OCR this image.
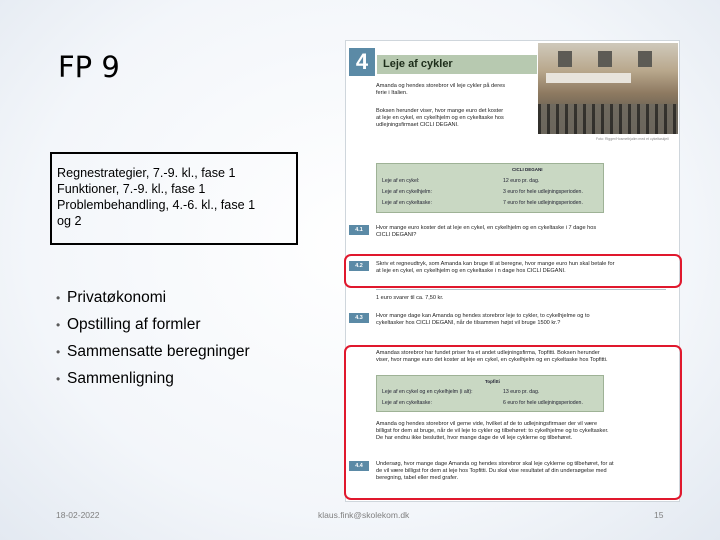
FP 9
Regnestrategier, 7.-9. kl., fase 1
Funktioner, 7.-9. kl., fase 1
Problembehandling, 4.-6. kl., fase 1
og 2
• Privatøkonomi
• Opstilling af formler
• Sammensatte beregninger
• Sammenligning
4	Leje af cykler
Foto: Rigger/Hosmethjalim med et cykeltaskjell
Amanda og hendes storebror vil leje cykler på deres
ferie i Italien.
Boksen herunder viser, hvor mange euro det koster
at leje en cykel, en cykelhjelm og en cykeltaske hos
udlejningsfirmaet CICLI DEGANI.
CICLI DEGANI
Leje af en cykel:	12 euro pr. dag.
Leje af en cykelhjelm:	3 euro for hele udlejningsperioden.
Leje af en cykeltaske:	7 euro for hele udlejningsperioden.
4.1	Hvor mange euro koster det at leje en cykel, en cykelhjelm og en cykeltaske i 7 dage hos
CICLI DEGANI?
4.2	Skriv et regneudtryk, som Amanda kan bruge til at beregne, hvor mange euro hun skal betale for
at leje en cykel, en cykelhjelm og en cykeltaske i n dage hos CICLI DEGANI.
1 euro svarer til ca. 7,50 kr.
4.3	Hvor mange dage kan Amanda og hendes storebror leje to cykler, to cykelhjelme og to
cykeltasker hos CICLI DEGANI, når de tilsammen højst vil bruge 1500 kr.?
Amandas storebror har fundet priser fra et andet udlejningsfirma, Topfitti. Boksen herunder
viser, hvor mange euro det koster at leje en cykel, en cykelhjelm og en cykeltaske hos Topfitti.
Topfitti
Leje af en cykel og en cykelhjelm (i alt):	13 euro pr. dag.
Leje af en cykeltaske:	6 euro for hele udlejningsperioden.
Amanda og hendes storebror vil gerne vide, hvilket af de to udlejningsfirmaer der vil være
billigst for dem at bruge, når de vil leje to cykler og tilbehøret: to cykelhjelme og to cykeltasker.
De har endnu ikke besluttet, hvor mange dage de vil leje cyklerne og tilbehøret.
4.4	Undersøg, hvor mange dage Amanda og hendes storebror skal leje cyklerne og tilbehøret, for at
de vil være billigst for dem at leje hos Topfitti. Du skal vise resultatet af din undersøgelse med
beregning, tabel eller med grafer.
18-02-2022	klaus.fink@skolekom.dk	15
